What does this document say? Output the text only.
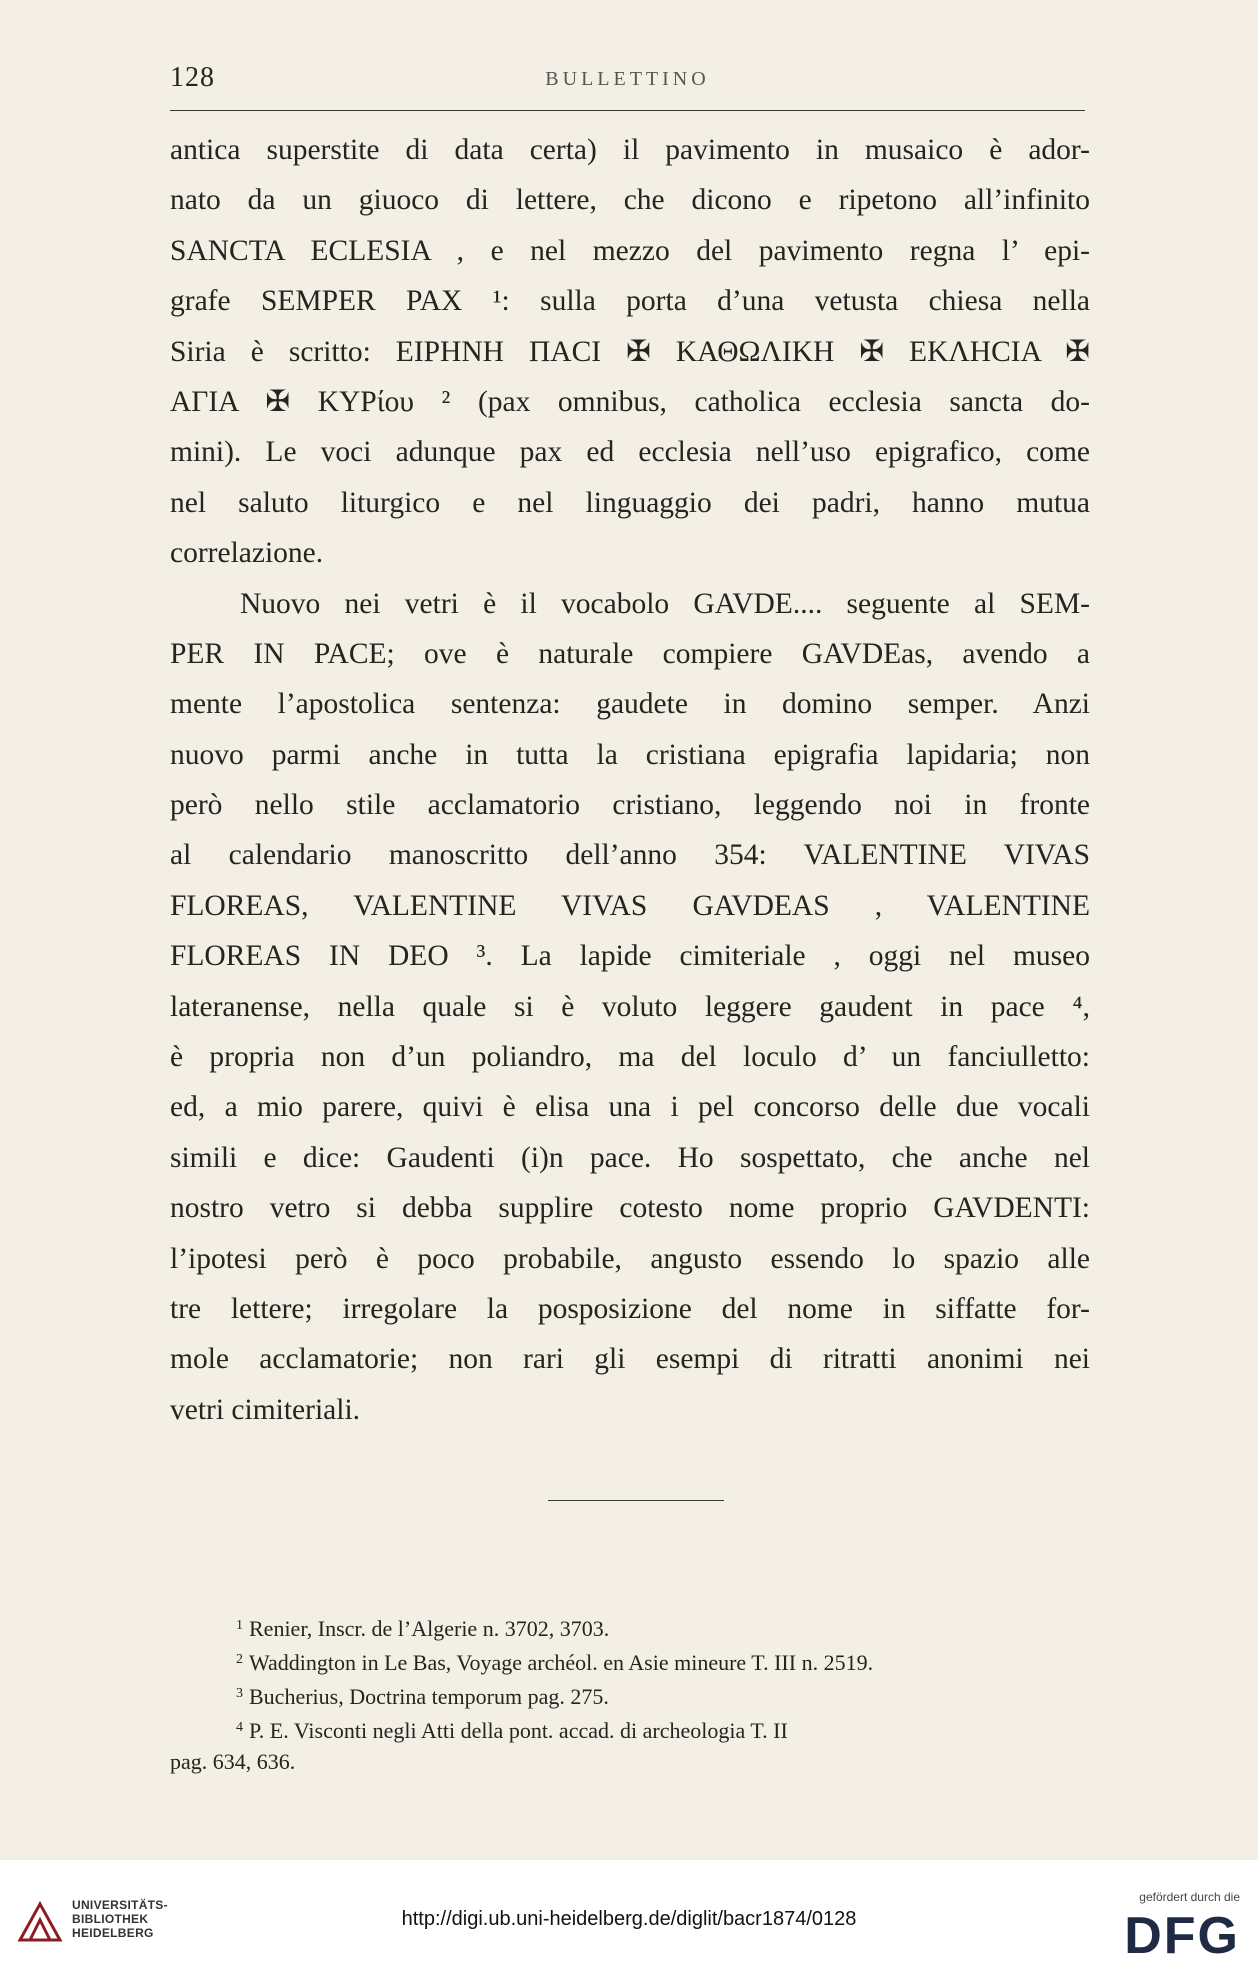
128	BULLETTINO
antica superstite di data certa) il pavimento in musaico è ador-
nato da un giuoco di lettere, che dicono e ripetono all’infinito
SANCTA ECLESIA , e nel mezzo del pavimento regna l’ epi-
grafe SEMPER PAX ¹: sulla porta d’una vetusta chiesa nella
Siria è scritto: ΕΙΡΗΝΗ ΠΑCΙ ✠ ΚΑΘΩΛΙΚΗ ✠ ΕΚΛΗCΙΑ ✠
ΑΓΙΑ ✠ ΚΥΡίου ² (pax omnibus, catholica ecclesia sancta do-
mini). Le voci adunque pax ed ecclesia nell’uso epigrafico, come
nel saluto liturgico e nel linguaggio dei padri, hanno mutua
correlazione.
Nuovo nei vetri è il vocabolo GAVDE.... seguente al SEM-
PER IN PACE; ove è naturale compiere GAVDEas, avendo a
mente l’apostolica sentenza: gaudete in domino semper. Anzi
nuovo parmi anche in tutta la cristiana epigrafia lapidaria; non
però nello stile acclamatorio cristiano, leggendo noi in fronte
al calendario manoscritto dell’anno 354: VALENTINE VIVAS
FLOREAS, VALENTINE VIVAS GAVDEAS , VALENTINE
FLOREAS IN DEO ³. La lapide cimiteriale , oggi nel museo
lateranense, nella quale si è voluto leggere gaudent in pace ⁴,
è propria non d’un poliandro, ma del loculo d’ un fanciulletto:
ed, a mio parere, quivi è elisa una i pel concorso delle due vocali
simili e dice: Gaudenti (i)n pace. Ho sospettato, che anche nel
nostro vetro si debba supplire cotesto nome proprio GAVDENTI:
l’ipotesi però è poco probabile, angusto essendo lo spazio alle
tre lettere; irregolare la posposizione del nome in siffatte for-
mole acclamatorie; non rari gli esempi di ritratti anonimi nei
vetri cimiteriali.
$^1$ Renier, Inscr. de l’Algerie n. 3702, 3703.
$^2$ Waddington in Le Bas, Voyage archéol. en Asie mineure T. III n. 2519.
$^3$ Bucherius, Doctrina temporum pag. 275.
$^4$ P. E. Visconti negli Atti della pont. accad. di archeologia T. II
pag. 634, 636.
UNIVERSITÄTS-
BIBLIOTHEK
HEIDELBERG
http://digi.ub.uni-heidelberg.de/diglit/bacr1874/0128
gefördert durch die
DFG
